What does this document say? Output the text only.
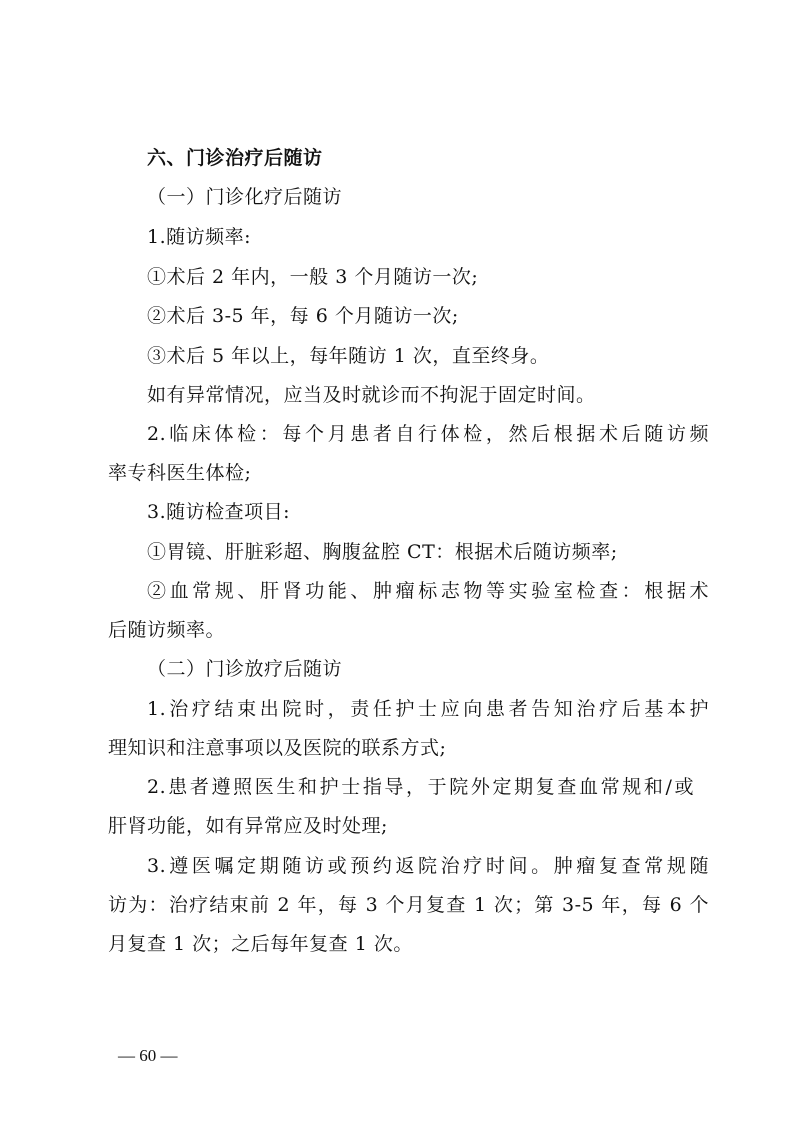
六、门诊治疗后随访
（一）门诊化疗后随访
1.随访频率:
①术后 2 年内，一般 3 个月随访一次;
②术后 3-5 年，每 6 个月随访一次;
③术后 5 年以上，每年随访 1 次，直至终身。
如有异常情况，应当及时就诊而不拘泥于固定时间。
2.临床体检：每个月患者自行体检，然后根据术后随访频
率专科医生体检;
3.随访检查项目:
①胃镜、肝脏彩超、胸腹盆腔 CT：根据术后随访频率;
②血常规、肝肾功能、肿瘤标志物等实验室检查：根据术
后随访频率。
（二）门诊放疗后随访
1.治疗结束出院时，责任护士应向患者告知治疗后基本护
理知识和注意事项以及医院的联系方式;
2.患者遵照医生和护士指导，于院外定期复查血常规和/或
肝肾功能，如有异常应及时处理;
3.遵医嘱定期随访或预约返院治疗时间。肿瘤复查常规随
访为：治疗结束前 2 年，每 3 个月复查 1 次；第 3-5 年，每 6 个
月复查 1 次；之后每年复查 1 次。
— 60 —
